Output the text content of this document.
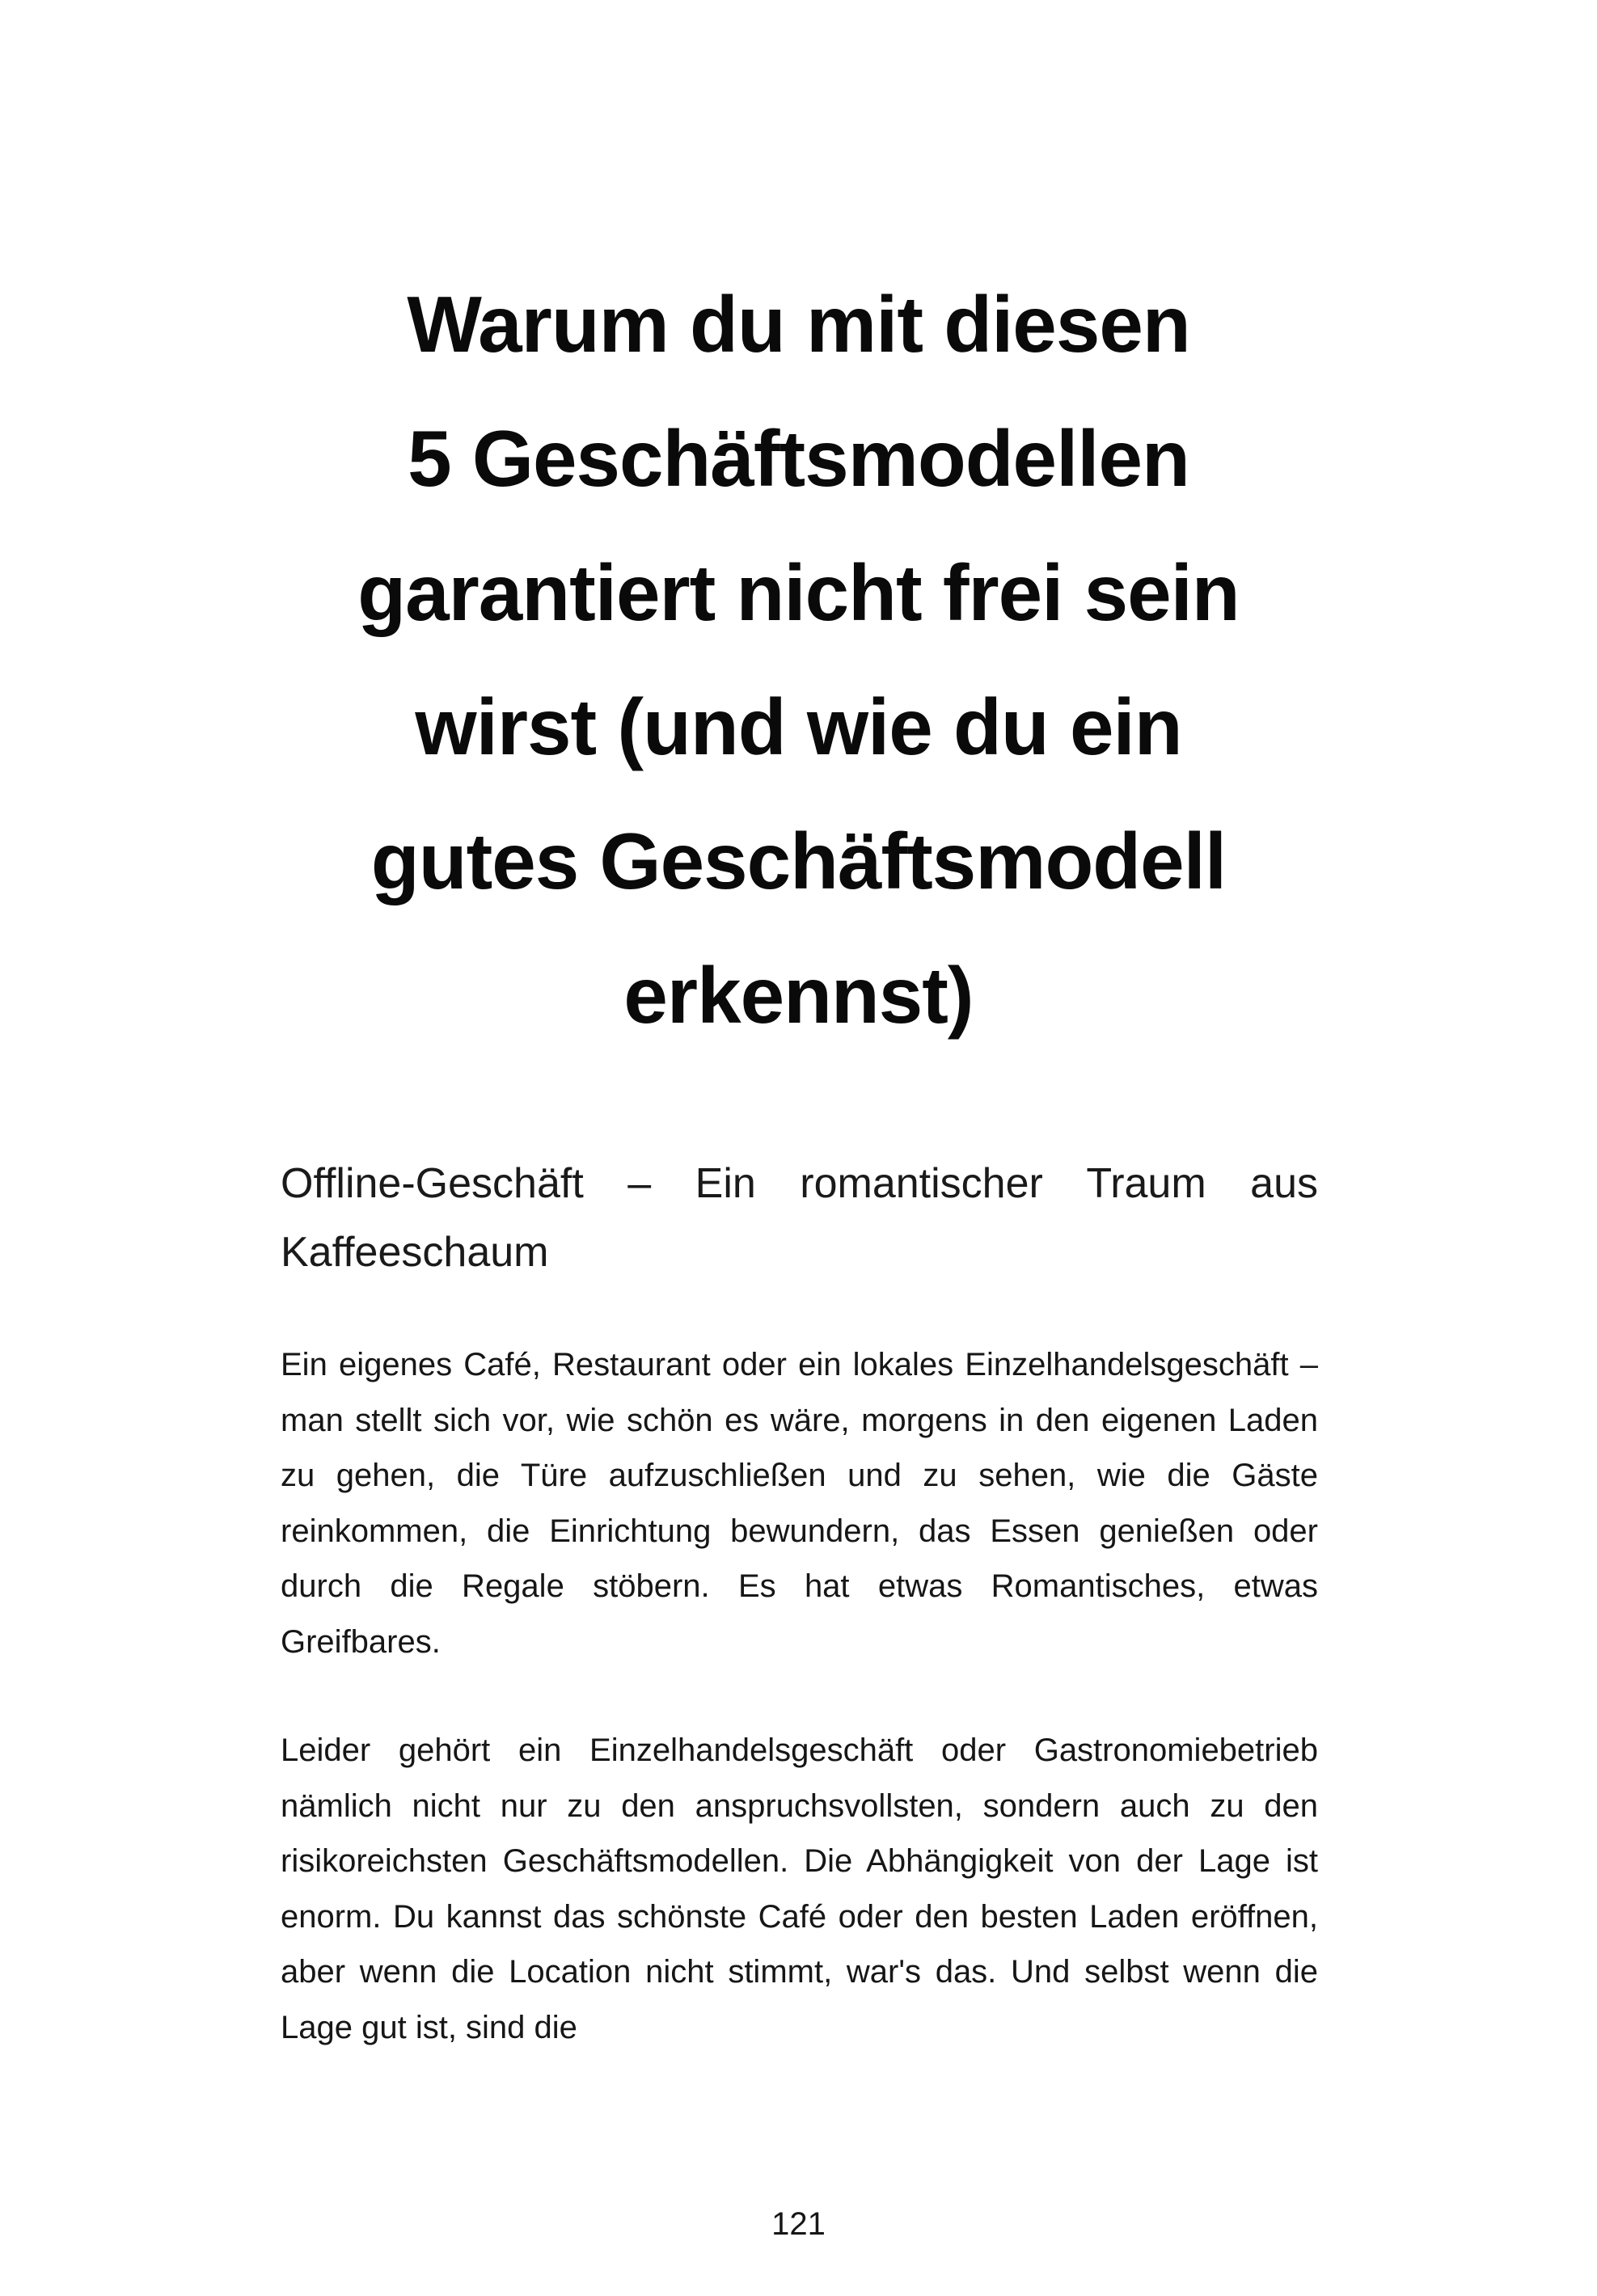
Warum du mit diesen
5 Geschäftsmodellen
garantiert nicht frei sein
wirst (und wie du ein
gutes Geschäftsmodell
erkennst)
Offline-Geschäft – Ein romantischer Traum aus Kaffeeschaum

Ein eigenes Café, Restaurant oder ein lokales Einzelhandelsgeschäft – man stellt sich vor, wie schön es wäre, morgens in den eigenen Laden zu gehen, die Türe aufzuschließen und zu sehen, wie die Gäste reinkommen, die Einrichtung bewundern, das Essen genießen oder durch die Regale stöbern. Es hat etwas Romantisches, etwas Greifbares.

Leider gehört ein Einzelhandelsgeschäft oder Gastronomiebetrieb nämlich nicht nur zu den anspruchsvollsten, sondern auch zu den risikoreichsten Geschäftsmodellen. Die Abhängigkeit von der Lage ist enorm. Du kannst das schönste Café oder den besten Laden eröffnen, aber wenn die Location nicht stimmt, war's das. Und selbst wenn die Lage gut ist, sind die

121
